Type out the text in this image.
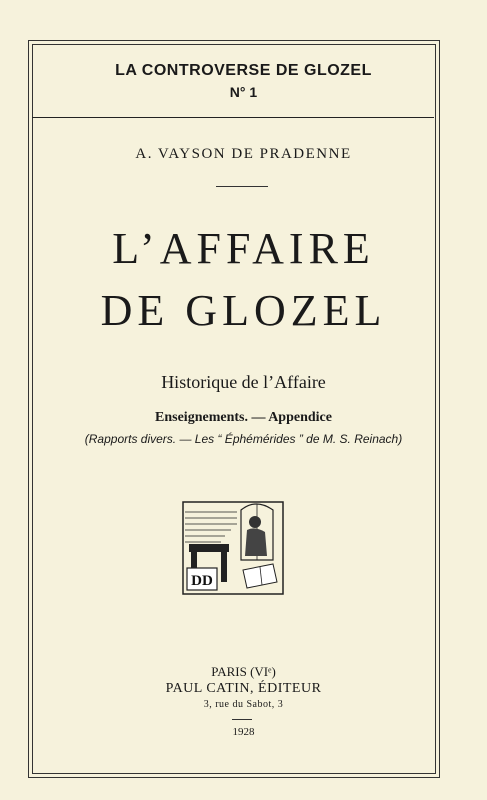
LA CONTROVERSE DE GLOZEL
N° 1
A. VAYSON DE PRADENNE
L’AFFAIRE
DE GLOZEL
Historique de l’Affaire
Enseignements. — Appendice
(Rapports divers. — Les “ Éphémérides ” de M. S. Reinach)
DD
PARIS (VIᵉ)
PAUL CATIN, ÉDITEUR
3, rue du Sabot, 3
1928
